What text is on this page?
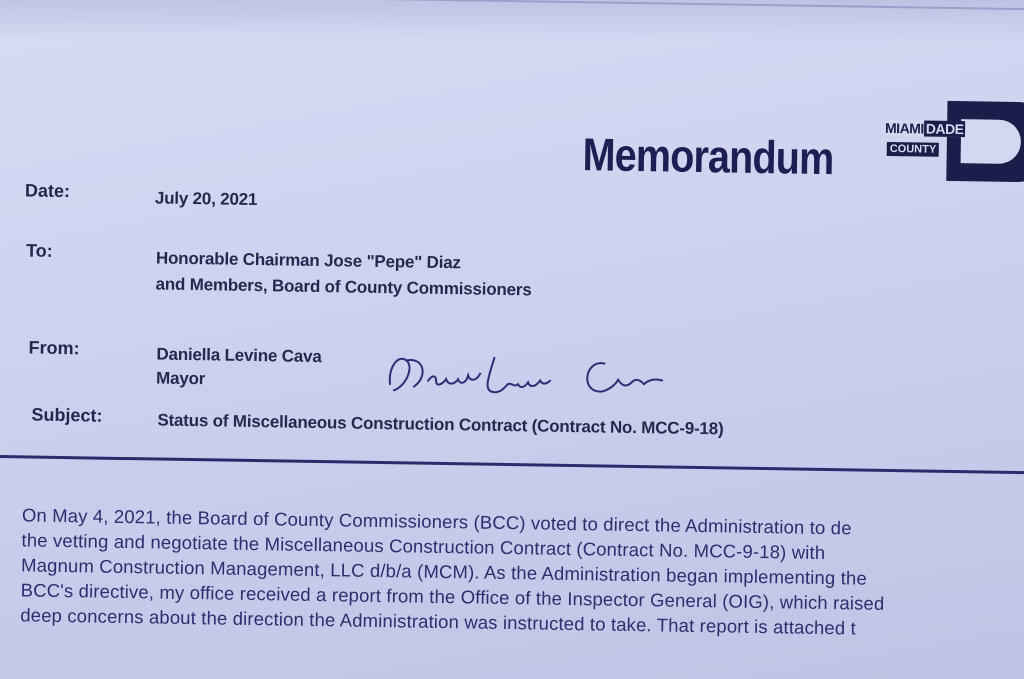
Memorandum	MIAMI DADE
COUNTY
Date:	July 20, 2021
To:	Honorable Chairman Jose "Pepe" Diaz
and Members, Board of County Commissioners
From:	Daniella Levine Cava
Mayor
Subject:	Status of Miscellaneous Construction Contract (Contract No. MCC-9-18)
On May 4, 2021, the Board of County Commissioners (BCC) voted to direct the Administration to de
the vetting and negotiate the Miscellaneous Construction Contract (Contract No. MCC-9-18) with
Magnum Construction Management, LLC d/b/a (MCM). As the Administration began implementing the
BCC's directive, my office received a report from the Office of the Inspector General (OIG), which raised
deep concerns about the direction the Administration was instructed to take. That report is attached t
